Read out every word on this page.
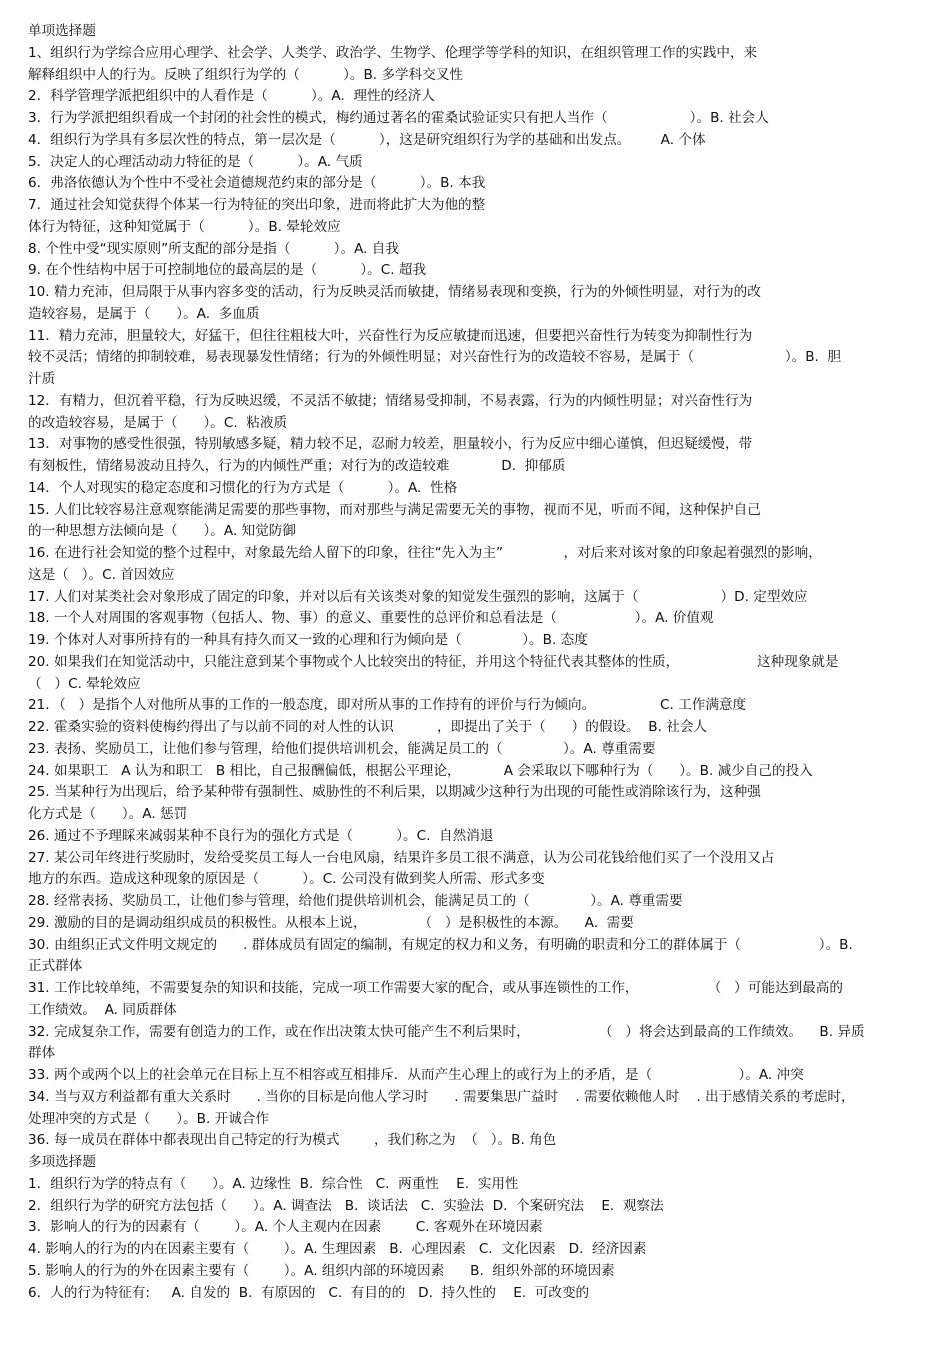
单项选择题
1、组织行为学综合应用心理学、社会学、人类学、政治学、生物学、伦理学等学科的知识，在组织管理工作的实践中，来
解释组织中人的行为。反映了组织行为学的（          ）。B. 多学科交叉性
2．科学管理学派把组织中的人看作是（          ）。A.  理性的经济人
3．行为学派把组织看成一个封闭的社会性的模式，梅约通过著名的霍桑试验证实只有把人当作（                   ）。B. 社会人
4．组织行为学具有多层次性的特点，第一层次是（          ），这是研究组织行为学的基础和出发点。       A. 个体
5．决定人的心理活动动力特征的是（          ）。A. 气质
6．弗洛依德认为个性中不受社会道德规范约束的部分是（          ）。B. 本我
7．通过社会知觉获得个体某一行为特征的突出印象，进而将此扩大为他的整
体行为特征，这种知觉属于（          ）。B. 晕轮效应
8. 个性中受“现实原则”所支配的部分是指（          ）。A. 自我
9. 在个性结构中居于可控制地位的最高层的是（          ）。C. 超我
10. 精力充沛，但局限于从事内容多变的活动，行为反映灵活而敏捷，情绪易表现和变换，行为的外倾性明显，对行为的改
造较容易，是属于（      ）。A.  多血质
11．精力充沛，胆量较大，好猛干，但往往粗枝大叶，兴奋性行为反应敏捷而迅速，但要把兴奋性行为转变为抑制性行为
较不灵活；情绪的抑制较难，易表现暴发性情绪；行为的外倾性明显；对兴奋性行为的改造较不容易，是属于（                     ）。B.  胆
汁质
12．有精力，但沉着平稳，行为反映迟缓，不灵活不敏捷；情绪易受抑制，不易表露，行为的内倾性明显；对兴奋性行为
的改造较容易，是属于（      ）。C.  粘液质
13．对事物的感受性很强，特别敏感多疑，精力较不足，忍耐力较差，胆量较小，行为反应中细心谨慎，但迟疑缓慢，带
有刻板性，情绪易波动且持久，行为的内倾性严重；对行为的改造较难            D.  抑郁质
14．个人对现实的稳定态度和习惯化的行为方式是（          ）。A.  性格
15. 人们比较容易注意观察能满足需要的那些事物，而对那些与满足需要无关的事物，视而不见，听而不闻，这种保护自己
的一种思想方法倾向是（      ）。A. 知觉防御
16. 在进行社会知觉的整个过程中，对象最先给人留下的印象，往往“先入为主”              ，对后来对该对象的印象起着强烈的影响，
这是（   ）。C. 首因效应
17. 人们对某类社会对象形成了固定的印象，并对以后有关该类对象的知觉发生强烈的影响，这属于（                   ）D. 定型效应
18. 一个人对周围的客观事物（包括人、物、事）的意义、重要性的总评价和总看法是（                  ）。A. 价值观
19. 个体对人对事所持有的一种具有持久而又一致的心理和行为倾向是（              ）。B. 态度
20. 如果我们在知觉活动中，只能注意到某个事物或个人比较突出的特征，并用这个特征代表其整体的性质，                  这种现象就是
（   ）C. 晕轮效应
21．（   ）是指个人对他所从事的工作的一般态度，即对所从事的工作持有的评价与行为倾向。               C. 工作满意度
22. 霍桑实验的资料使梅约得出了与以前不同的对人性的认识          ，即提出了关于（      ）的假设。  B. 社会人
23. 表扬、奖励员工，让他们参与管理，给他们提供培训机会，能满足员工的（              ）。A. 尊重需要
24. 如果职工   A 认为和职工   B 相比，自己报酬偏低，根据公平理论，          A 会采取以下哪种行为（      ）。B. 减少自己的投入
25. 当某种行为出现后，给予某种带有强制性、威胁性的不利后果，以期减少这种行为出现的可能性或消除该行为，这种强
化方式是（      ）。A. 惩罚
26. 通过不予理睬来减弱某种不良行为的强化方式是（          ）。C.  自然消退
27. 某公司年终进行奖励时，发给受奖员工每人一台电风扇，结果许多员工很不满意，认为公司花钱给他们买了一个没用又占
地方的东西。造成这种现象的原因是（          ）。C. 公司没有做到奖人所需、形式多变
28. 经常表扬、奖励员工，让他们参与管理，给他们提供培训机会，能满足员工的（              ）。A. 尊重需要
29. 激励的目的是调动组织成员的积极性。从根本上说，            （   ）是积极性的本源。    A.  需要
30. 由组织正式文件明文规定的      . 群体成员有固定的编制，有规定的权力和义务，有明确的职责和分工的群体属于（                  ）。B.
正式群体
31. 工作比较单纯，不需要复杂的知识和技能，完成一项工作需要大家的配合，或从事连锁性的工作，                （   ）可能达到最高的
工作绩效。  A. 同质群体
32. 完成复杂工作，需要有创造力的工作，或在作出决策太快可能产生不利后果时，                （   ）将会达到最高的工作绩效。    B. 异质
群体
33. 两个或两个以上的社会单元在目标上互不相容或互相排斥．从而产生心理上的或行为上的矛盾，是（                    ）。A. 冲突
34. 当与双方利益都有重大关系时      . 当你的目标是向他人学习时      . 需要集思广益时    . 需要依赖他人时    . 出于感情关系的考虑时，
处理冲突的方式是（      ）。B. 开诚合作
36. 每一成员在群体中都表现出自己特定的行为模式        ，我们称之为  （   ）。B. 角色
多项选择题
1．组织行为学的特点有（      ）。A. 边缘性  B.  综合性   C.  两重性    E.  实用性
2．组织行为学的研究方法包括（      ）。A. 调查法   B.  谈话法   C.  实验法  D.  个案研究法    E.  观察法
3．影响人的行为的因素有（        ）。A. 个人主观内在因素        C. 客观外在环境因素
4. 影响人的行为的内在因素主要有（        ）。A. 生理因素   B.  心理因素   C.  文化因素   D.  经济因素
5. 影响人的行为的外在因素主要有（        ）。A. 组织内部的环境因素      B.  组织外部的环境因素
6．人的行为特征有:     A. 自发的  B.  有原因的   C.  有目的的   D.  持久性的    E.  可改变的
